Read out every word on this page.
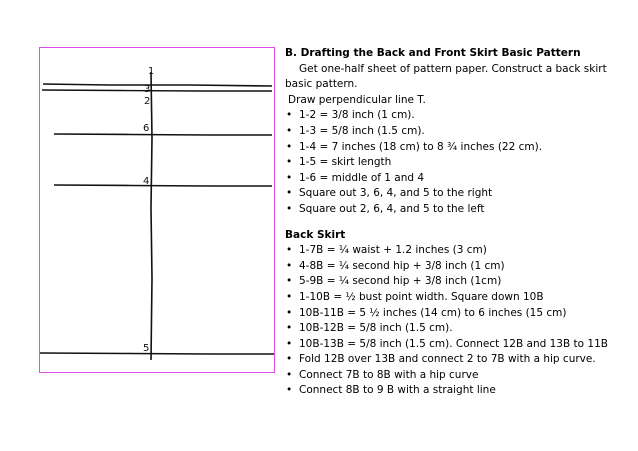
1
3
2
6
4
5
B. Drafting the Back and Front Skirt Basic Pattern
Get one-half sheet of pattern paper. Construct a back skirt
basic pattern.
Draw perpendicular line T.
• 1-2 = 3/8 inch (1 cm).
• 1-3 = 5/8 inch (1.5 cm).
• 1-4 = 7 inches (18 cm) to 8 ¾ inches (22 cm).
• 1-5 = skirt length
• 1-6 = middle of 1 and 4
• Square out 3, 6, 4, and 5 to the right
• Square out 2, 6, 4, and 5 to the left
Back Skirt
• 1-7B = ¼ waist + 1.2 inches (3 cm)
• 4-8B = ¼ second hip + 3/8 inch (1 cm)
• 5-9B = ¼ second hip + 3/8 inch (1cm)
• 1-10B = ½ bust point width. Square down 10B
• 10B-11B = 5 ½ inches (14 cm) to 6 inches (15 cm)
• 10B-12B = 5/8 inch (1.5 cm).
• 10B-13B = 5/8 inch (1.5 cm). Connect 12B and 13B to 11B
• Fold 12B over 13B and connect 2 to 7B with a hip curve.
• Connect 7B to 8B with a hip curve
• Connect 8B to 9 B with a straight line
